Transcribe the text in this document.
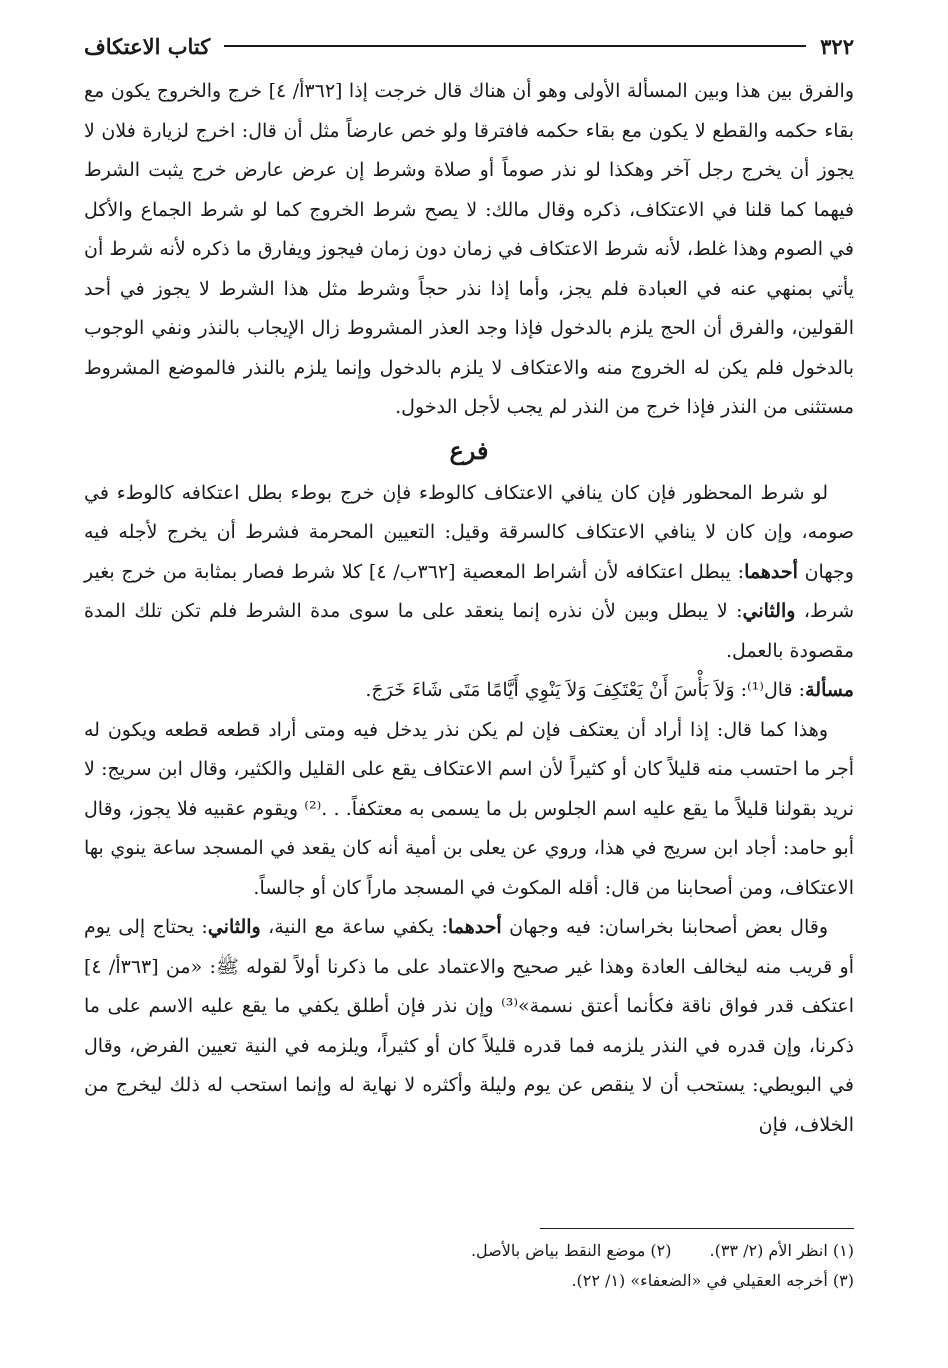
٣٢٢
كتاب الاعتكاف

والفرق بين هذا وبين المسألة الأولى وهو أن هناك قال خرجت إذا [٣٦٢أ/ ٤] خرج والخروج يكون مع بقاء حكمه والقطع لا يكون مع بقاء حكمه فافترقا ولو خص عارضاً مثل أن قال: اخرج لزيارة فلان لا يجوز أن يخرج رجل آخر وهكذا لو نذر صوماً أو صلاة وشرط إن عرض عارض خرج يثبت الشرط فيهما كما قلنا في الاعتكاف، ذكره وقال مالك: لا يصح شرط الخروج كما لو شرط الجماع والأكل في الصوم وهذا غلط، لأنه شرط الاعتكاف في زمان دون زمان فيجوز ويفارق ما ذكره لأنه شرط أن يأتي بمنهي عنه في العبادة فلم يجز، وأما إذا نذر حجاً وشرط مثل هذا الشرط لا يجوز في أحد القولين، والفرق أن الحج يلزم بالدخول فإذا وجد العذر المشروط زال الإيجاب بالنذر ونفي الوجوب بالدخول فلم يكن له الخروج منه والاعتكاف لا يلزم بالدخول وإنما يلزم بالنذر فالموضع المشروط مستثنى من النذر فإذا خرج من النذر لم يجب لأجل الدخول.

فرع

لو شرط المحظور فإن كان ينافي الاعتكاف كالوطء فإن خرج بوطء بطل اعتكافه كالوطء في صومه، وإن كان لا ينافي الاعتكاف كالسرقة وقيل: التعيين المحرمة فشرط أن يخرج لأجله فيه وجهان أحدهما: يبطل اعتكافه لأن أشراط المعصية [٣٦٢ب/ ٤] كلا شرط فصار بمثابة من خرج بغير شرط، والثاني: لا يبطل وبين لأن نذره إنما ينعقد على ما سوى مدة الشرط فلم تكن تلك المدة مقصودة بالعمل.

مسألة: قال⁽¹⁾: وَلاَ بَأْسَ أَنْ يَعْتَكِفَ وَلاَ يَنْوِي أَيَّامًا مَتَى شَاءَ خَرَجَ.

وهذا كما قال: إذا أراد أن يعتكف فإن لم يكن نذر يدخل فيه ومتى أراد قطعه قطعه ويكون له أجر ما احتسب منه قليلاً كان أو كثيراً لأن اسم الاعتكاف يقع على القليل والكثير، وقال ابن سريج: لا نريد بقولنا قليلاً ما يقع عليه اسم الجلوس بل ما يسمى به معتكفاً. . .⁽²⁾ ويقوم عقبيه فلا يجوز، وقال أبو حامد: أجاد ابن سريج في هذا، وروي عن يعلى بن أمية أنه كان يقعد في المسجد ساعة ينوي بها الاعتكاف، ومن أصحابنا من قال: أقله المكوث في المسجد ماراً كان أو جالساً.

وقال بعض أصحابنا بخراسان: فيه وجهان أحدهما: يكفي ساعة مع النية، والثاني: يحتاج إلى يوم أو قريب منه ليخالف العادة وهذا غير صحيح والاعتماد على ما ذكرنا أولاً لقوله ﷺ: «من [٣٦٣أ/ ٤] اعتكف قدر فواق ناقة فكأنما أعتق نسمة»⁽³⁾ وإن نذر فإن أطلق يكفي ما يقع عليه الاسم على ما ذكرنا، وإن قدره في النذر يلزمه فما قدره قليلاً كان أو كثيراً، ويلزمه في النية تعيين الفرض، وقال في البويطي: يستحب أن لا ينقص عن يوم وليلة وأكثره لا نهاية له وإنما استحب له ذلك ليخرج من الخلاف، فإن

(١) انظر الأم (٢/ ٣٣).
(٢) موضع النقط بياض بالأصل.
(٣) أخرجه العقيلي في «الضعفاء» (١/ ٢٢).
